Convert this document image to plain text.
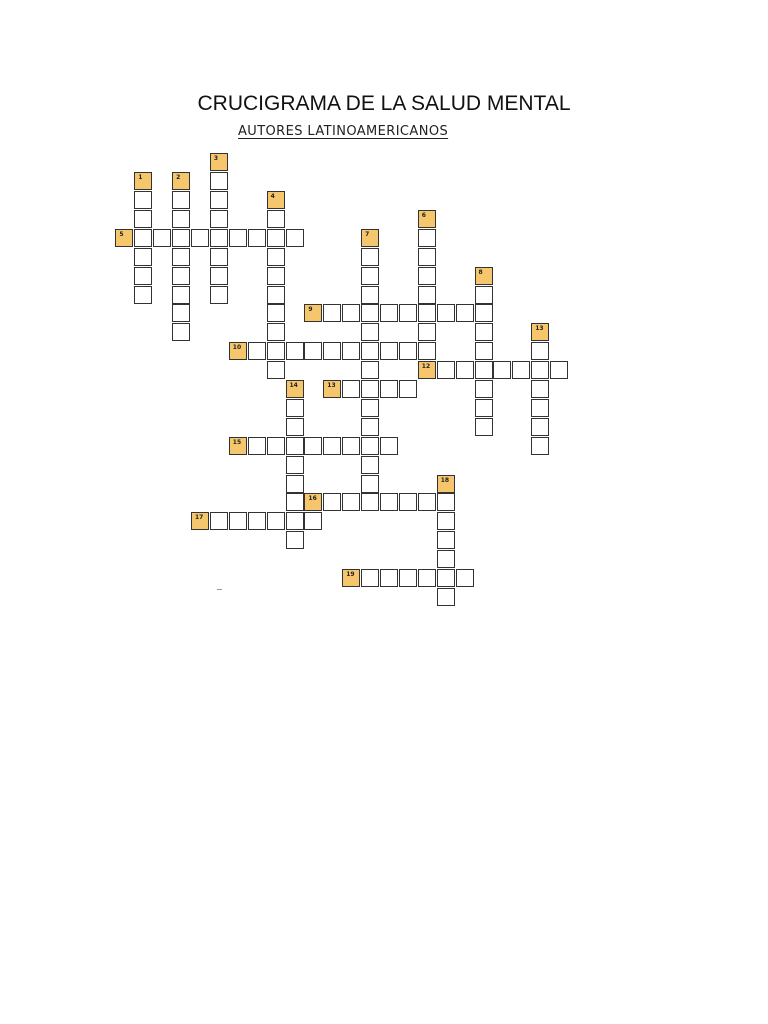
CRUCIGRAMA DE LA SALUD MENTAL
AUTORES LATINOAMERICANOS
1	2
3
4
5
6
7
8
9
10
12
13
13
14
15
16
17
18
19
